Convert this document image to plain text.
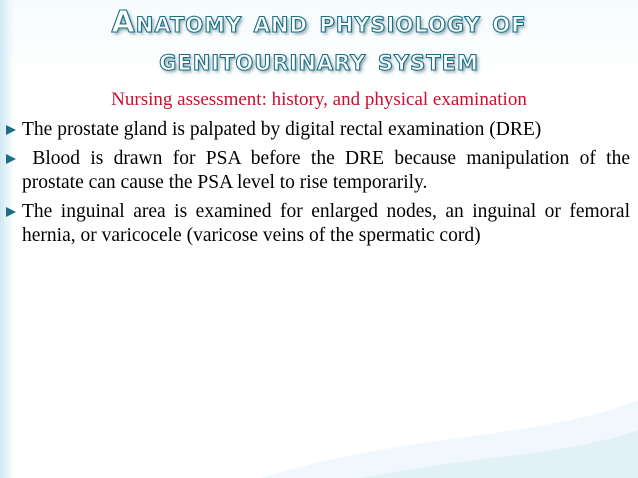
Anatomy and physiology of
genitourinary system
Nursing assessment: history, and physical examination
The prostate gland is palpated by digital rectal examination (DRE)
Blood is drawn for PSA before the DRE because manipulation of the prostate can cause the PSA level to rise temporarily.
The inguinal area is examined for enlarged nodes, an inguinal or femoral hernia, or varicocele (varicose veins of the spermatic cord)
